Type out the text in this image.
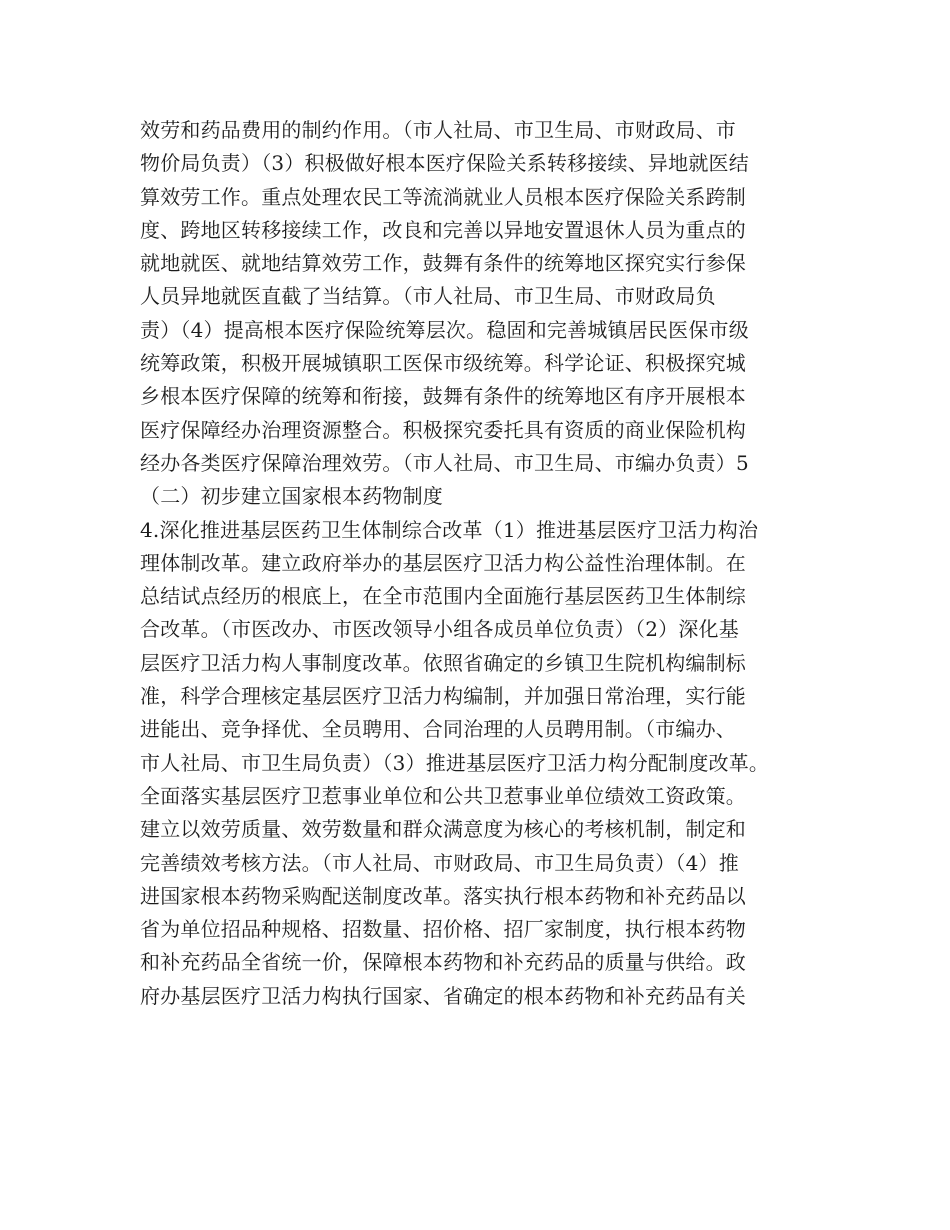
效劳和药品费用的制约作用。（市人社局、市卫生局、市财政局、市
物价局负责）（3）积极做好根本医疗保险关系转移接续、异地就医结
算效劳工作。重点处理农民工等流淌就业人员根本医疗保险关系跨制
度、跨地区转移接续工作，改良和完善以异地安置退休人员为重点的
就地就医、就地结算效劳工作，鼓舞有条件的统筹地区探究实行参保
人员异地就医直截了当结算。（市人社局、市卫生局、市财政局负
责）（4）提高根本医疗保险统筹层次。稳固和完善城镇居民医保市级
统筹政策，积极开展城镇职工医保市级统筹。科学论证、积极探究城
乡根本医疗保障的统筹和衔接，鼓舞有条件的统筹地区有序开展根本
医疗保障经办治理资源整合。积极探究委托具有资质的商业保险机构
经办各类医疗保障治理效劳。（市人社局、市卫生局、市编办负责）5
（二）初步建立国家根本药物制度
4.深化推进基层医药卫生体制综合改革（1）推进基层医疗卫活力构治
理体制改革。建立政府举办的基层医疗卫活力构公益性治理体制。在
总结试点经历的根底上，在全市范围内全面施行基层医药卫生体制综
合改革。（市医改办、市医改领导小组各成员单位负责）（2）深化基
层医疗卫活力构人事制度改革。依照省确定的乡镇卫生院机构编制标
准，科学合理核定基层医疗卫活力构编制，并加强日常治理，实行能
进能出、竞争择优、全员聘用、合同治理的人员聘用制。（市编办、
市人社局、市卫生局负责）（3）推进基层医疗卫活力构分配制度改革。
全面落实基层医疗卫惹事业单位和公共卫惹事业单位绩效工资政策。
建立以效劳质量、效劳数量和群众满意度为核心的考核机制，制定和
完善绩效考核方法。（市人社局、市财政局、市卫生局负责）（4）推
进国家根本药物采购配送制度改革。落实执行根本药物和补充药品以
省为单位招品种规格、招数量、招价格、招厂家制度，执行根本药物
和补充药品全省统一价，保障根本药物和补充药品的质量与供给。政
府办基层医疗卫活力构执行国家、省确定的根本药物和补充药品有关
